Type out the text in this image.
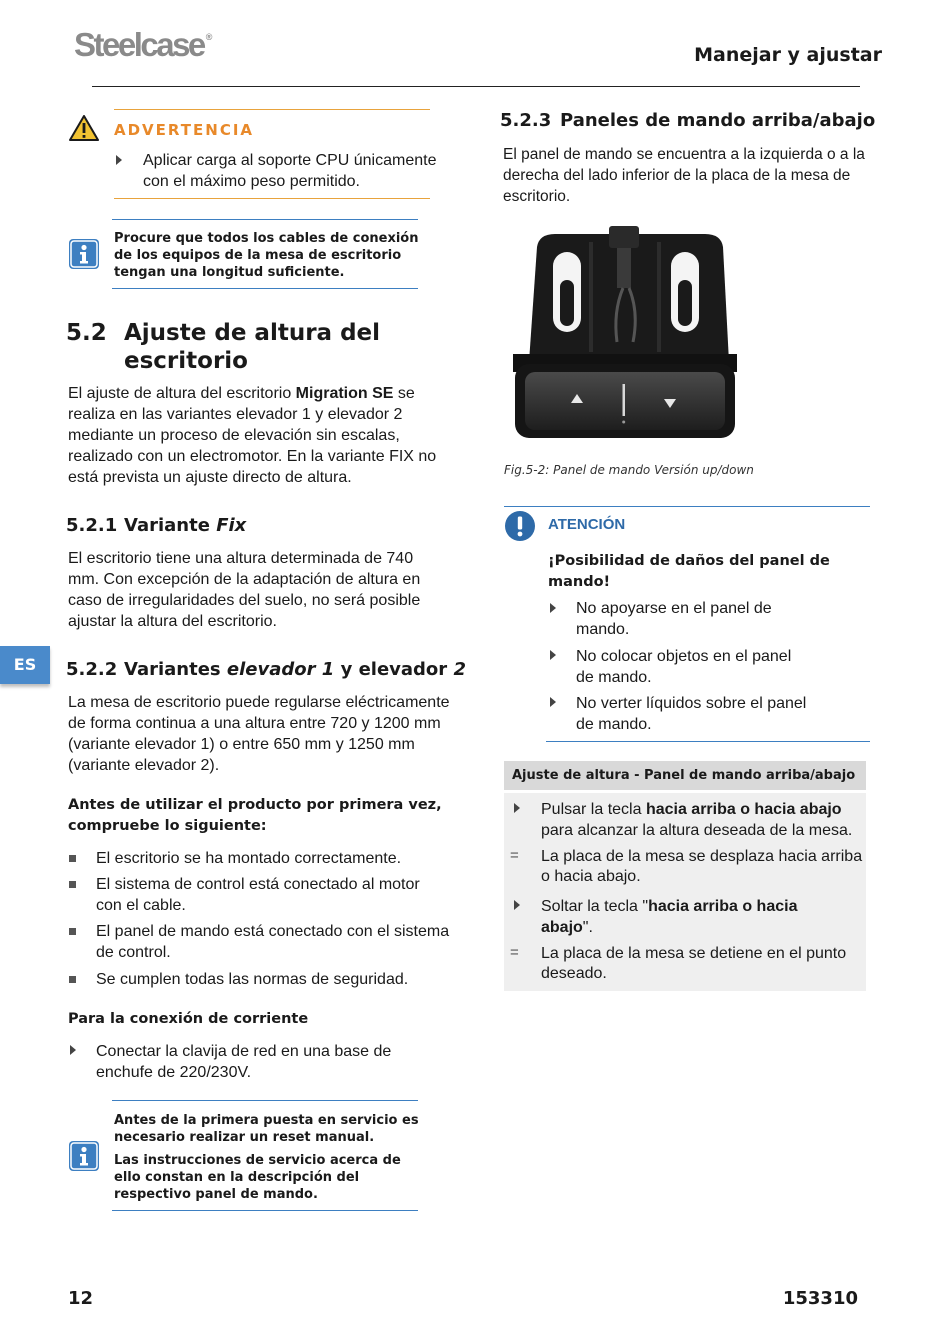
Steelcase ®
Manejar y ajustar
ADVERTENCIA
Aplicar carga al soporte CPU únicamente
con el máximo peso permitido.
Procure que todos los cables de conexión
de los equipos de la mesa de escritorio
tengan una longitud suficiente.
5.2 Ajuste de altura del
escritorio
El ajuste de altura del escritorio Migration SE se
realiza en las variantes elevador 1 y elevador 2
mediante un proceso de elevación sin escalas,
realizado con un electromotor. En la variante FIX no
está prevista un ajuste directo de altura.
5.2.1 Variante Fix
El escritorio tiene una altura determinada de 740
mm. Con excepción de la adaptación de altura en
caso de irregularidades del suelo, no será posible
ajustar la altura del escritorio.
ES	5.2.2 Variantes elevador 1 y elevador 2
La mesa de escritorio puede regularse eléctricamente
de forma continua a una altura entre 720 y 1200 mm
(variante elevador 1) o entre 650 mm y 1250 mm
(variante elevador 2).
Antes de utilizar el producto por primera vez,
compruebe lo siguiente:
El escritorio se ha montado correctamente.
El sistema de control está conectado al motor
con el cable.
El panel de mando está conectado con el sistema
de control.
Se cumplen todas las normas de seguridad.
Para la conexión de corriente
Conectar la clavija de red en una base de
enchufe de 220/230V.
Antes de la primera puesta en servicio es
necesario realizar un reset manual.
Las instrucciones de servicio acerca de
ello constan en la descripción del
respectivo panel de mando.
5.2.3 Paneles de mando arriba/abajo
El panel de mando se encuentra a la izquierda o a la
derecha del lado inferior de la placa de la mesa de
escritorio.
Fig.5-2: Panel de mando Versión up/down
ATENCIÓN
¡Posibilidad de daños del panel de
mando!
No apoyarse en el panel de
mando.
No colocar objetos en el panel
de mando.
No verter líquidos sobre el panel
de mando.
Ajuste de altura - Panel de mando arriba/abajo
Pulsar la tecla hacia arriba o hacia abajo
para alcanzar la altura deseada de la mesa.
= La placa de la mesa se desplaza hacia arriba
o hacia abajo.
Soltar la tecla "hacia arriba o hacia
abajo".
= La placa de la mesa se detiene en el punto
deseado.
12	153310
